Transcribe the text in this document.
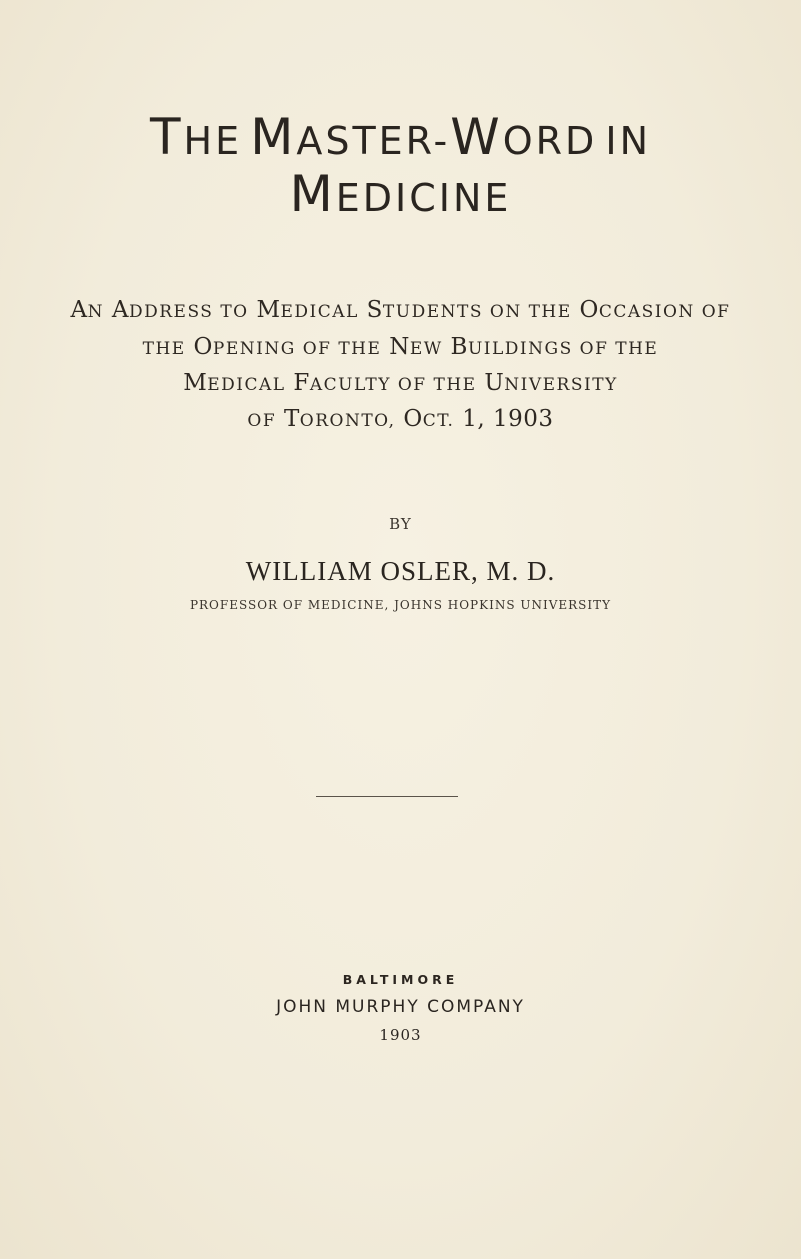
THE MASTER-WORD IN
MEDICINE
AN ADDRESS TO MEDICAL STUDENTS ON THE OCCASION OF
THE OPENING OF THE NEW BUILDINGS OF THE
MEDICAL FACULTY OF THE UNIVERSITY
OF TORONTO, OCT. 1, 1903
BY
WILLIAM OSLER, M. D.
PROFESSOR OF MEDICINE, JOHNS HOPKINS UNIVERSITY
BALTIMORE
JOHN MURPHY COMPANY
1903
